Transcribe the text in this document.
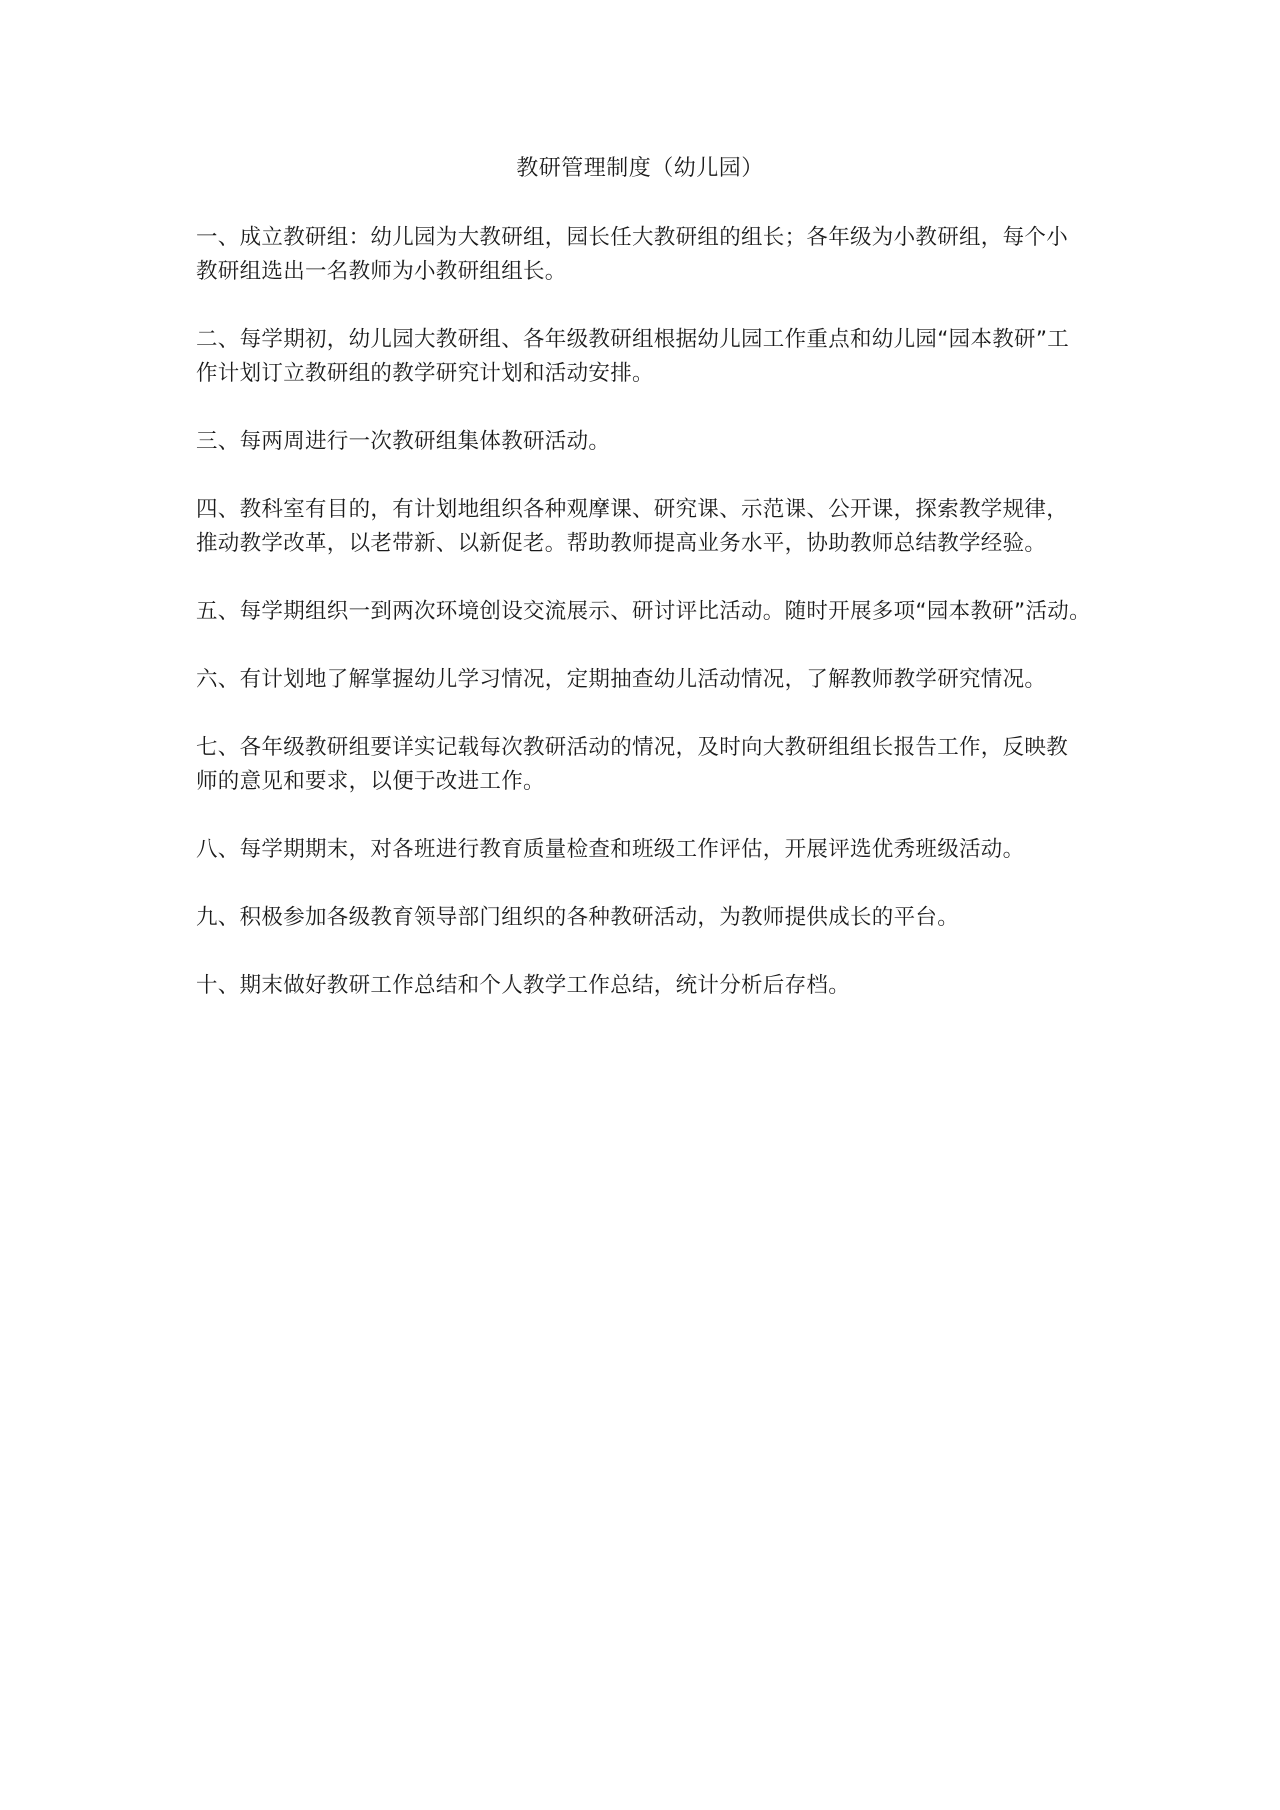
教研管理制度（幼儿园）

一、成立教研组：幼儿园为大教研组，园长任大教研组的组长；各年级为小教研组，每个小
教研组选出一名教师为小教研组组长。

二、每学期初，幼儿园大教研组、各年级教研组根据幼儿园工作重点和幼儿园“园本教研”工
作计划订立教研组的教学研究计划和活动安排。

三、每两周进行一次教研组集体教研活动。

四、教科室有目的，有计划地组织各种观摩课、研究课、示范课、公开课，探索教学规律，
推动教学改革，以老带新、以新促老。帮助教师提高业务水平，协助教师总结教学经验。

五、每学期组织一到两次环境创设交流展示、研讨评比活动。随时开展多项“园本教研”活动。

六、有计划地了解掌握幼儿学习情况，定期抽查幼儿活动情况，了解教师教学研究情况。

七、各年级教研组要详实记载每次教研活动的情况，及时向大教研组组长报告工作，反映教
师的意见和要求，以便于改进工作。

八、每学期期末，对各班进行教育质量检查和班级工作评估，开展评选优秀班级活动。

九、积极参加各级教育领导部门组织的各种教研活动，为教师提供成长的平台。

十、期末做好教研工作总结和个人教学工作总结，统计分析后存档。
